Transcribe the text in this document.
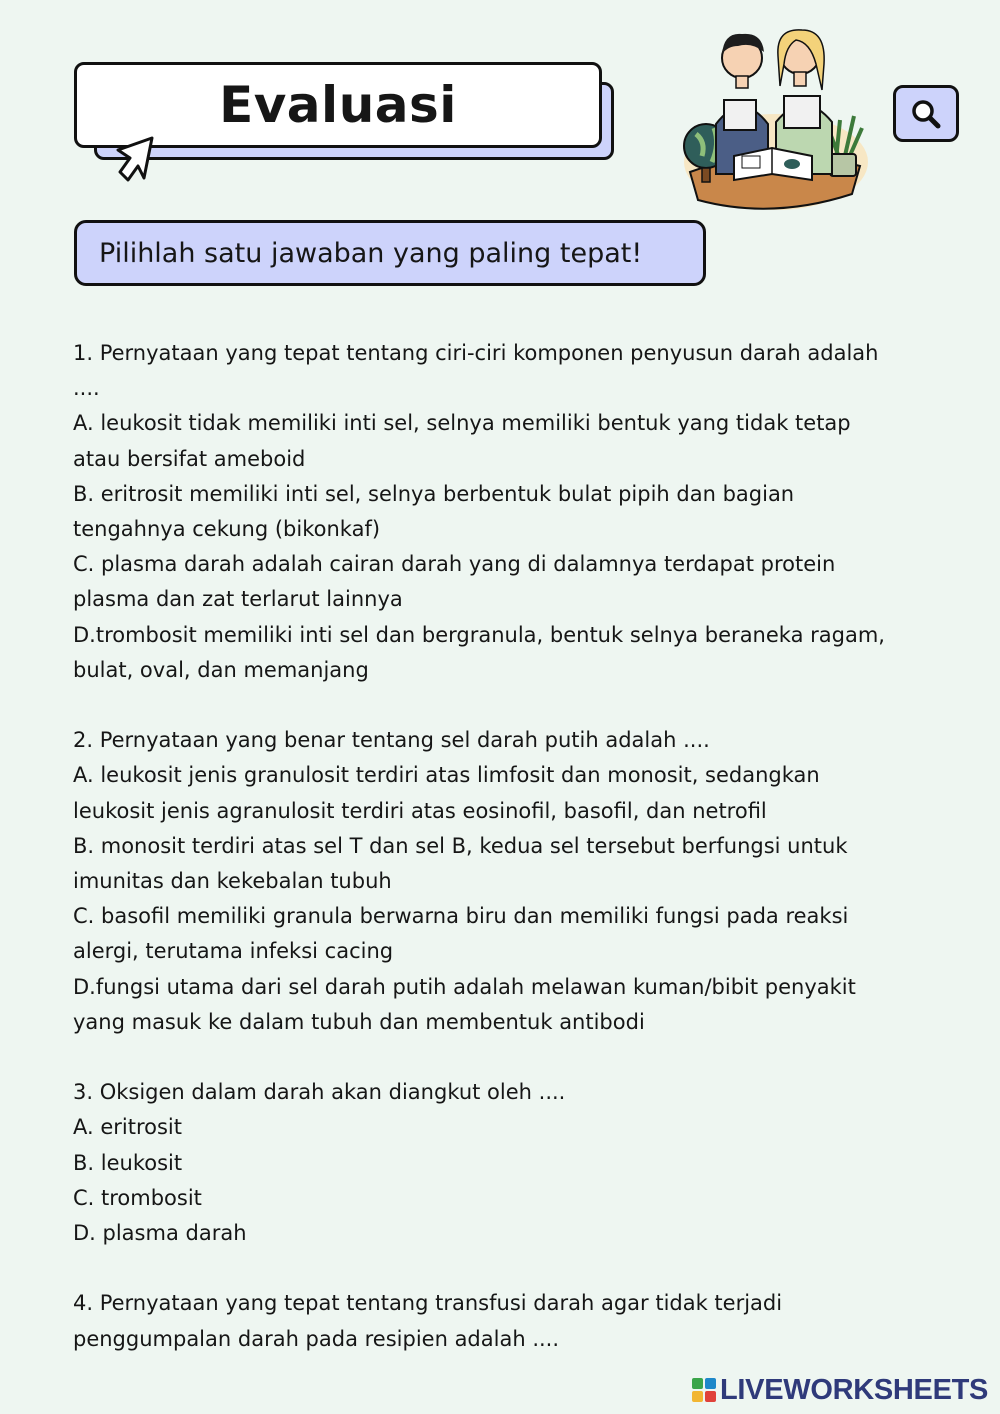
Evaluasi
Pilihlah satu jawaban yang paling tepat!
1. Pernyataan yang tepat tentang ciri-ciri komponen penyusun darah adalah
....
A. leukosit tidak memiliki inti sel, selnya memiliki bentuk yang tidak tetap
atau bersifat ameboid
B. eritrosit memiliki inti sel, selnya berbentuk bulat pipih dan bagian
tengahnya cekung (bikonkaf)
C. plasma darah adalah cairan darah yang di dalamnya terdapat protein
plasma dan zat terlarut lainnya
D.trombosit memiliki inti sel dan bergranula, bentuk selnya beraneka ragam,
bulat, oval, dan memanjang
2. Pernyataan yang benar tentang sel darah putih adalah ....
A. leukosit jenis granulosit terdiri atas limfosit dan monosit, sedangkan
leukosit jenis agranulosit terdiri atas eosinofil, basofil, dan netrofil
B. monosit terdiri atas sel T dan sel B, kedua sel tersebut berfungsi untuk
imunitas dan kekebalan tubuh
C. basofil memiliki granula berwarna biru dan memiliki fungsi pada reaksi
alergi, terutama infeksi cacing
D.fungsi utama dari sel darah putih adalah melawan kuman/bibit penyakit
yang masuk ke dalam tubuh dan membentuk antibodi
3. Oksigen dalam darah akan diangkut oleh ....
A. eritrosit
B. leukosit
C. trombosit
D. plasma darah
4. Pernyataan yang tepat tentang transfusi darah agar tidak terjadi
penggumpalan darah pada resipien adalah ....
LIVEWORKSHEETS
